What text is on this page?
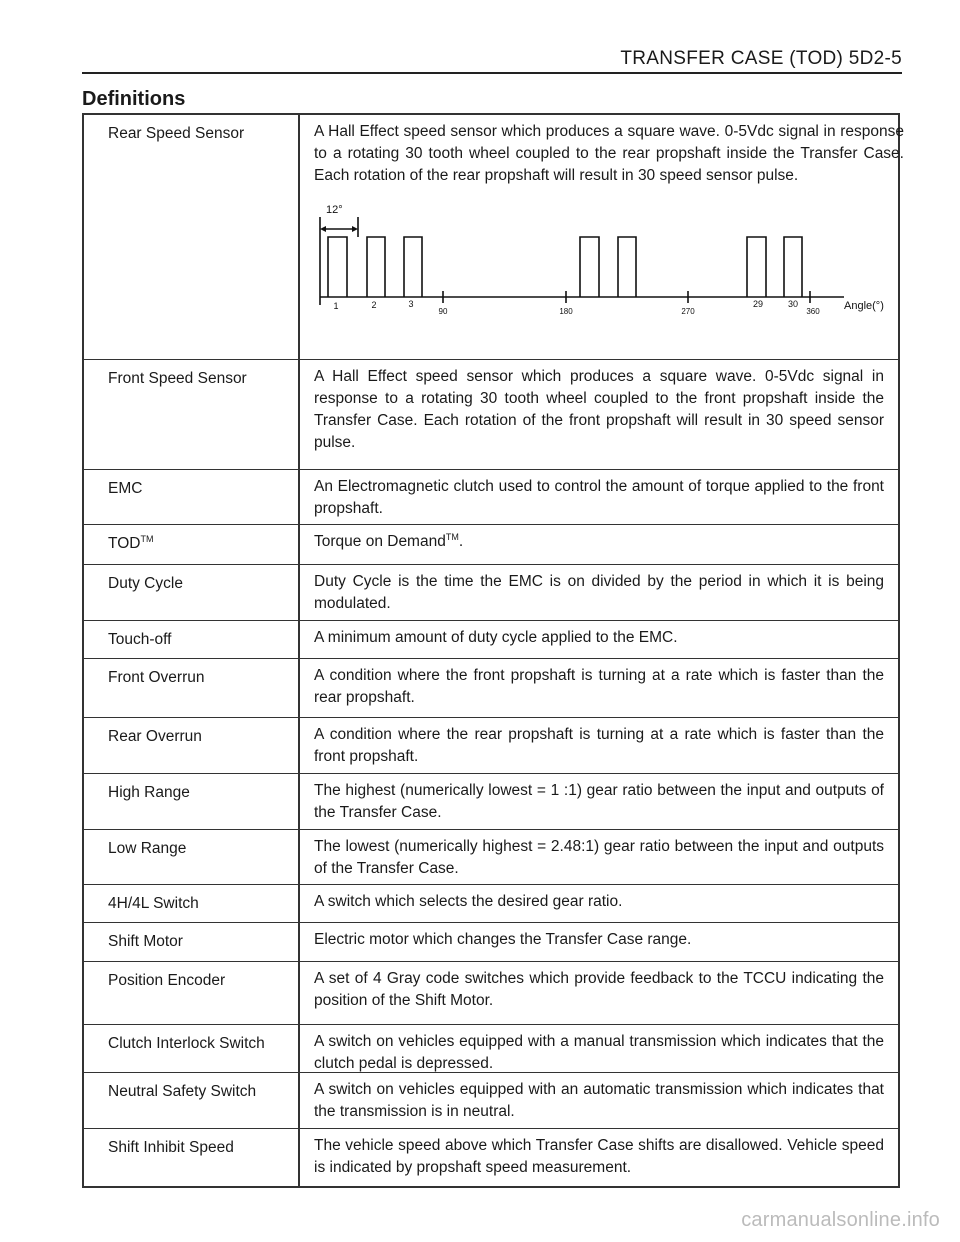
TRANSFER CASE (TOD) 5D2-5
Definitions
Rear Speed Sensor	A Hall Effect speed sensor which produces a square wave. 0-5Vdc signal in response to a rotating 30 tooth wheel coupled to the rear propshaft inside the Transfer Case. Each rotation of the rear propshaft will result in 30 speed sensor pulse.
12°
1	2	3	29	30
90	180	270	360 Angle(°)
Front Speed Sensor	A Hall Effect speed sensor which produces a square wave. 0-5Vdc signal in response to a rotating 30 tooth wheel coupled to the front propshaft inside the Transfer Case. Each rotation of the front propshaft will result in 30 speed sensor pulse.
EMC	An Electromagnetic clutch used to control the amount of torque applied to the front propshaft.
TOD™	Torque on Demand™.
Duty Cycle	Duty Cycle is the time the EMC is on divided by the period in which it is being modulated.
Touch-off	A minimum amount of duty cycle applied to the EMC.
Front Overrun	A condition where the front propshaft is turning at a rate which is faster than the rear propshaft.
Rear Overrun	A condition where the rear propshaft is turning at a rate which is faster than the front propshaft.
High Range	The highest (numerically lowest = 1 :1) gear ratio between the input and outputs of the Transfer Case.
Low Range	The lowest (numerically highest = 2.48:1) gear ratio between the input and outputs of the Transfer Case.
4H/4L Switch	A switch which selects the desired gear ratio.
Shift Motor	Electric motor which changes the Transfer Case range.
Position Encoder	A set of 4 Gray code switches which provide feedback to the TCCU indicating the position of the Shift Motor.
Clutch Interlock Switch	A switch on vehicles equipped with a manual transmission which indicates that the clutch pedal is depressed.
Neutral Safety Switch	A switch on vehicles equipped with an automatic transmission which indicates that the transmission is in neutral.
Shift Inhibit Speed	The vehicle speed above which Transfer Case shifts are disallowed. Vehicle speed is indicated by propshaft speed measurement.
carmanualsonline.info
